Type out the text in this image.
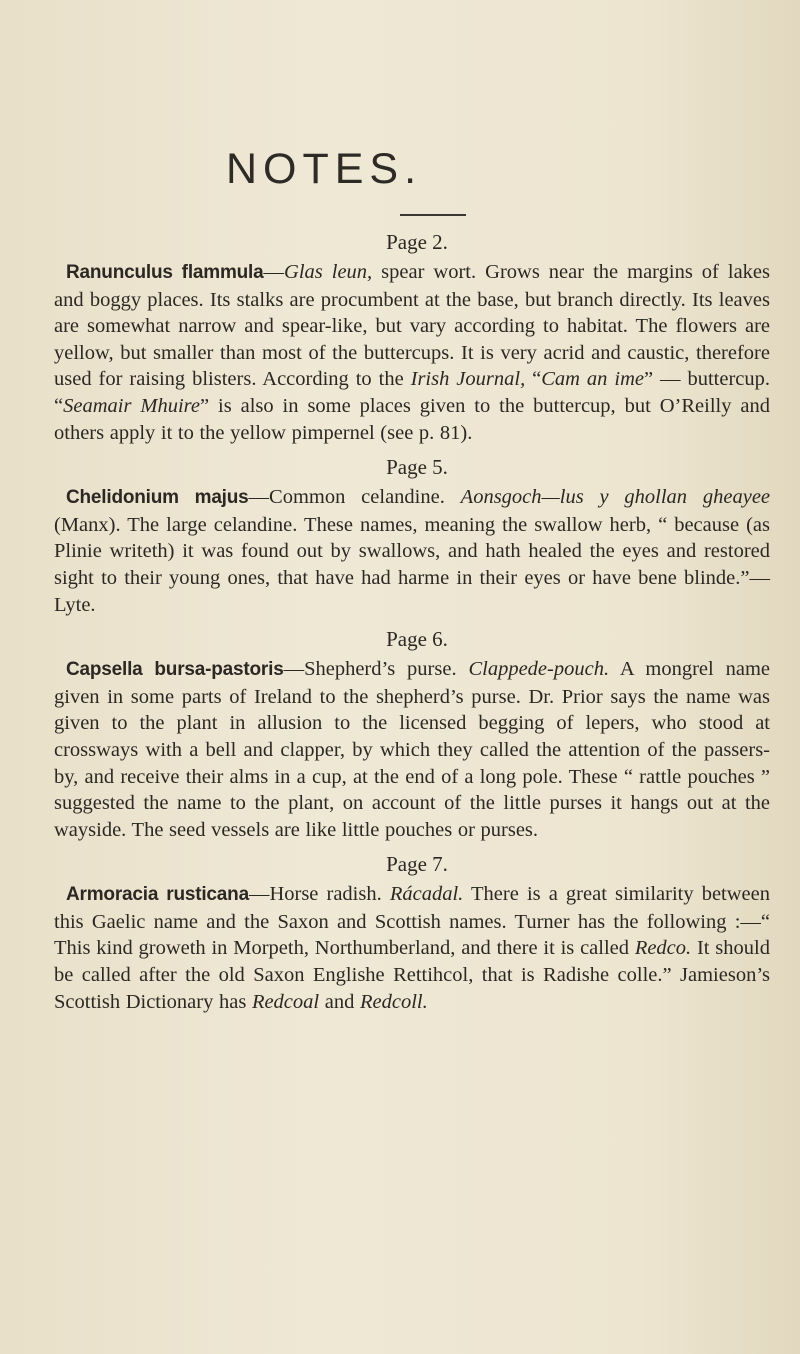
NOTES.
Page 2.

Ranunculus flammula—Glas leun, spear wort. Grows near the margins of lakes and boggy places. Its stalks are procumbent at the base, but branch directly. Its leaves are somewhat narrow and spear-like, but vary according to habitat. The flowers are yellow, but smaller than most of the buttercups. It is very acrid and caustic, therefore used for raising blisters. According to the Irish Journal, “Cam an ime” — buttercup. “Seamair Mhuire” is also in some places given to the buttercup, but O’Reilly and others apply it to the yellow pimpernel (see p. 81).

Page 5.

Chelidonium majus—Common celandine. Aonsgoch—lus y ghollan gheayee (Manx). The large celandine. These names, meaning the swallow herb, “ because (as Plinie writeth) it was found out by swallows, and hath healed the eyes and restored sight to their young ones, that have had harme in their eyes or have bene blinde.”—Lyte.

Page 6.

Capsella bursa-pastoris—Shepherd’s purse. Clappede-pouch. A mongrel name given in some parts of Ireland to the shepherd’s purse. Dr. Prior says the name was given to the plant in allusion to the licensed begging of lepers, who stood at crossways with a bell and clapper, by which they called the attention of the passers-by, and receive their alms in a cup, at the end of a long pole. These “ rattle pouches ” suggested the name to the plant, on account of the little purses it hangs out at the wayside. The seed vessels are like little pouches or purses.

Page 7.

Armoracia rusticana—Horse radish. Rácadal. There is a great similarity between this Gaelic name and the Saxon and Scottish names. Turner has the following :—“ This kind groweth in Morpeth, Northumberland, and there it is called Redco. It should be called after the old Saxon Englishe Rettihcol, that is Radishe colle.” Jamieson’s Scottish Dictionary has Redcoal and Redcoll.
